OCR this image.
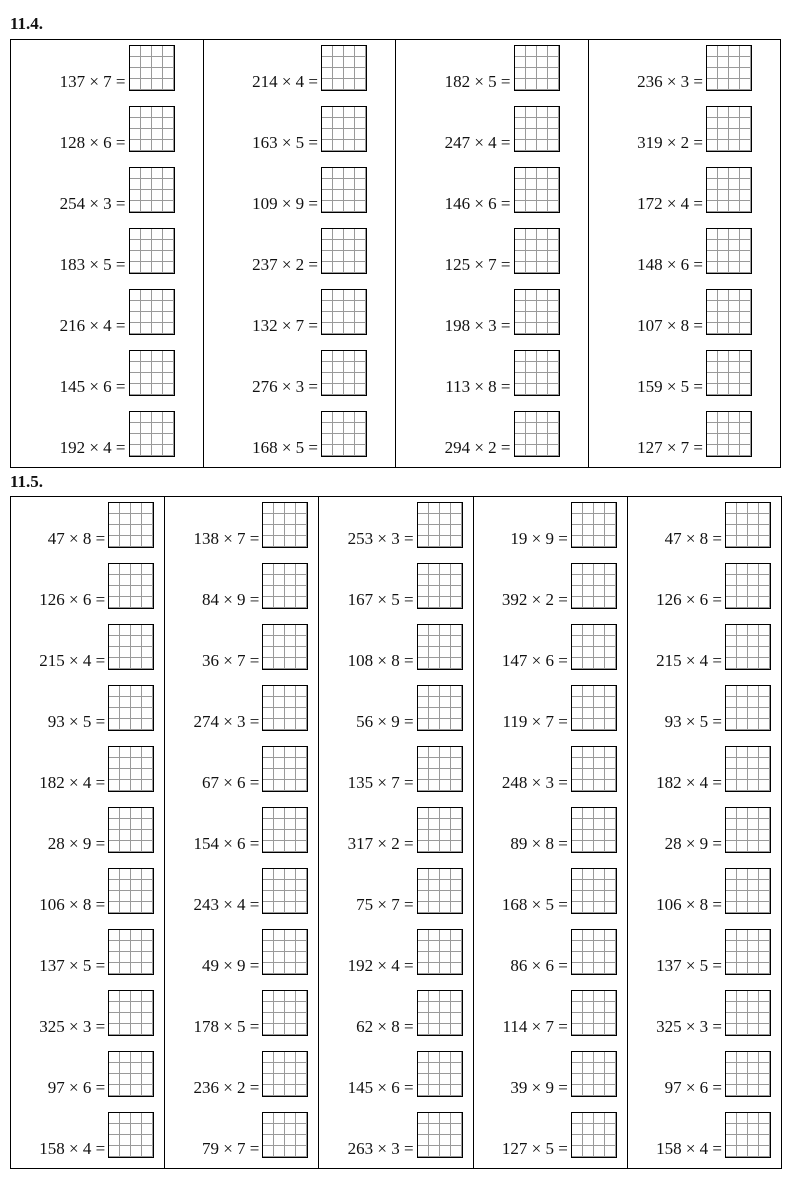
11.4.
137 × 7 =
128 × 6 =
254 × 3 =
183 × 5 =
216 × 4 =
145 × 6 =
192 × 4 =
214 × 4 =
163 × 5 =
109 × 9 =
237 × 2 =
132 × 7 =
276 × 3 =
168 × 5 =
182 × 5 =
247 × 4 =
146 × 6 =
125 × 7 =
198 × 3 =
113 × 8 =
294 × 2 =
236 × 3 =
319 × 2 =
172 × 4 =
148 × 6 =
107 × 8 =
159 × 5 =
127 × 7 =
11.5.
47 × 8 =
126 × 6 =
215 × 4 =
93 × 5 =
182 × 4 =
28 × 9 =
106 × 8 =
137 × 5 =
325 × 3 =
97 × 6 =
158 × 4 =
138 × 7 =
84 × 9 =
36 × 7 =
274 × 3 =
67 × 6 =
154 × 6 =
243 × 4 =
49 × 9 =
178 × 5 =
236 × 2 =
79 × 7 =
253 × 3 =
167 × 5 =
108 × 8 =
56 × 9 =
135 × 7 =
317 × 2 =
75 × 7 =
192 × 4 =
62 × 8 =
145 × 6 =
263 × 3 =
19 × 9 =
392 × 2 =
147 × 6 =
119 × 7 =
248 × 3 =
89 × 8 =
168 × 5 =
86 × 6 =
114 × 7 =
39 × 9 =
127 × 5 =
47 × 8 =
126 × 6 =
215 × 4 =
93 × 5 =
182 × 4 =
28 × 9 =
106 × 8 =
137 × 5 =
325 × 3 =
97 × 6 =
158 × 4 =
